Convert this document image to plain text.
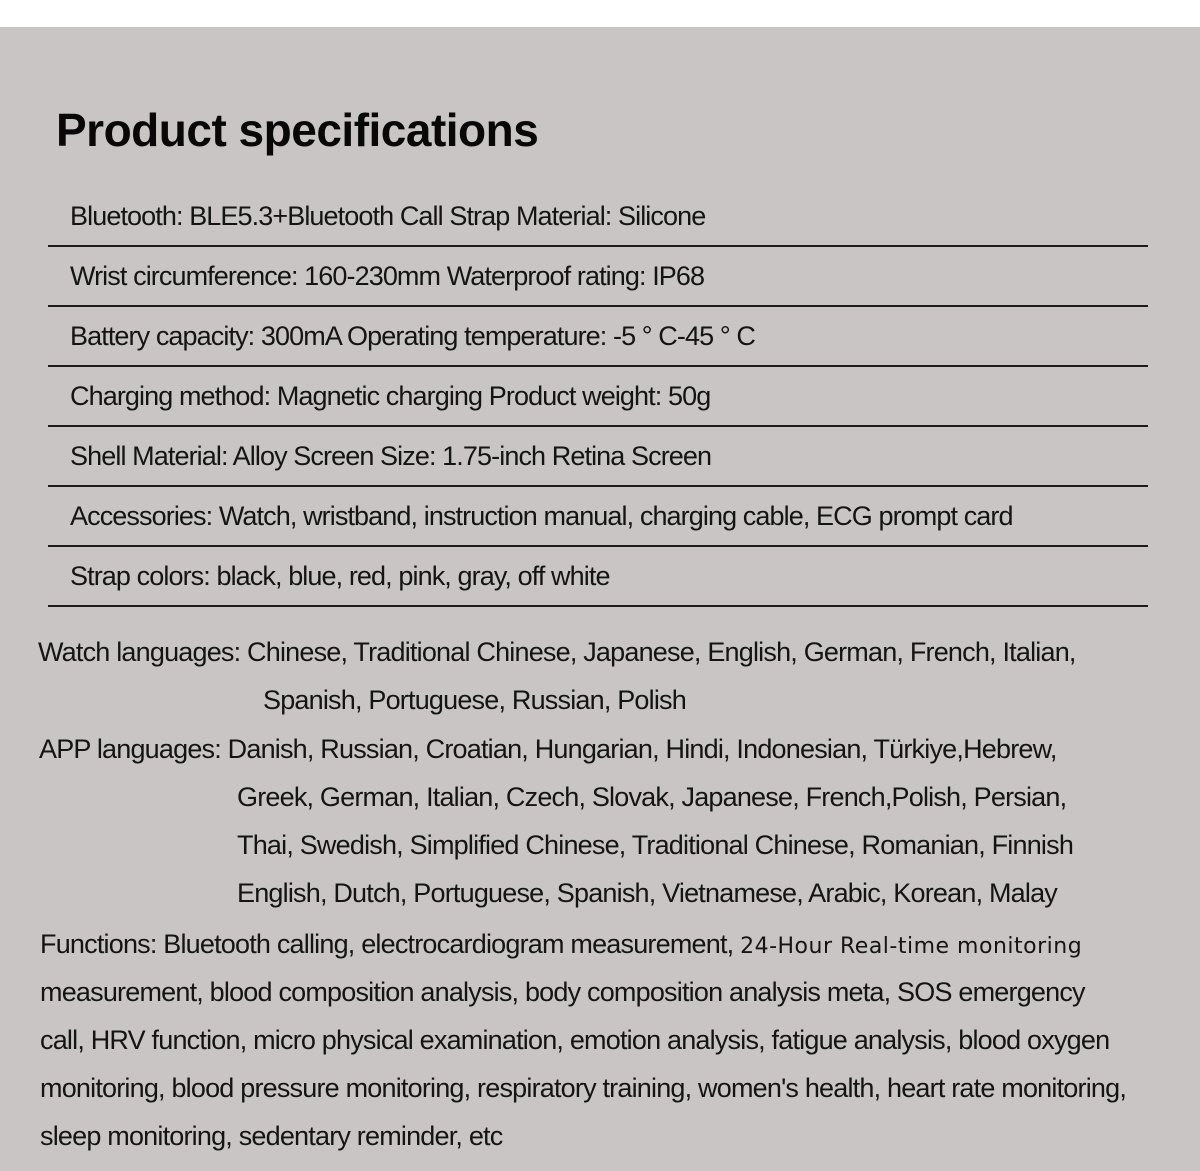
Product specifications
Bluetooth: BLE5.3+Bluetooth Call Strap Material: Silicone
Wrist circumference: 160-230mm Waterproof rating: IP68
Battery capacity: 300mA Operating temperature: -5 ° C-45 ° C
Charging method: Magnetic charging Product weight: 50g
Shell Material: Alloy Screen Size: 1.75-inch Retina Screen
Accessories: Watch, wristband, instruction manual, charging cable, ECG prompt card
Strap colors: black, blue, red, pink, gray, off white
Watch languages: Chinese, Traditional Chinese, Japanese, English, German, French, Italian,
Spanish, Portuguese, Russian, Polish
APP languages: Danish, Russian, Croatian, Hungarian, Hindi, Indonesian, Türkiye,Hebrew,
Greek, German, Italian, Czech, Slovak, Japanese, French,Polish, Persian,
Thai, Swedish, Simplified Chinese, Traditional Chinese, Romanian, Finnish
English, Dutch, Portuguese, Spanish, Vietnamese, Arabic, Korean, Malay
Functions: Bluetooth calling, electrocardiogram measurement, 24-Hour Real-time monitoring
measurement, blood composition analysis, body composition analysis meta, SOS emergency
call, HRV function, micro physical examination, emotion analysis, fatigue analysis, blood oxygen
monitoring, blood pressure monitoring, respiratory training, women's health, heart rate monitoring,
sleep monitoring, sedentary reminder, etc
